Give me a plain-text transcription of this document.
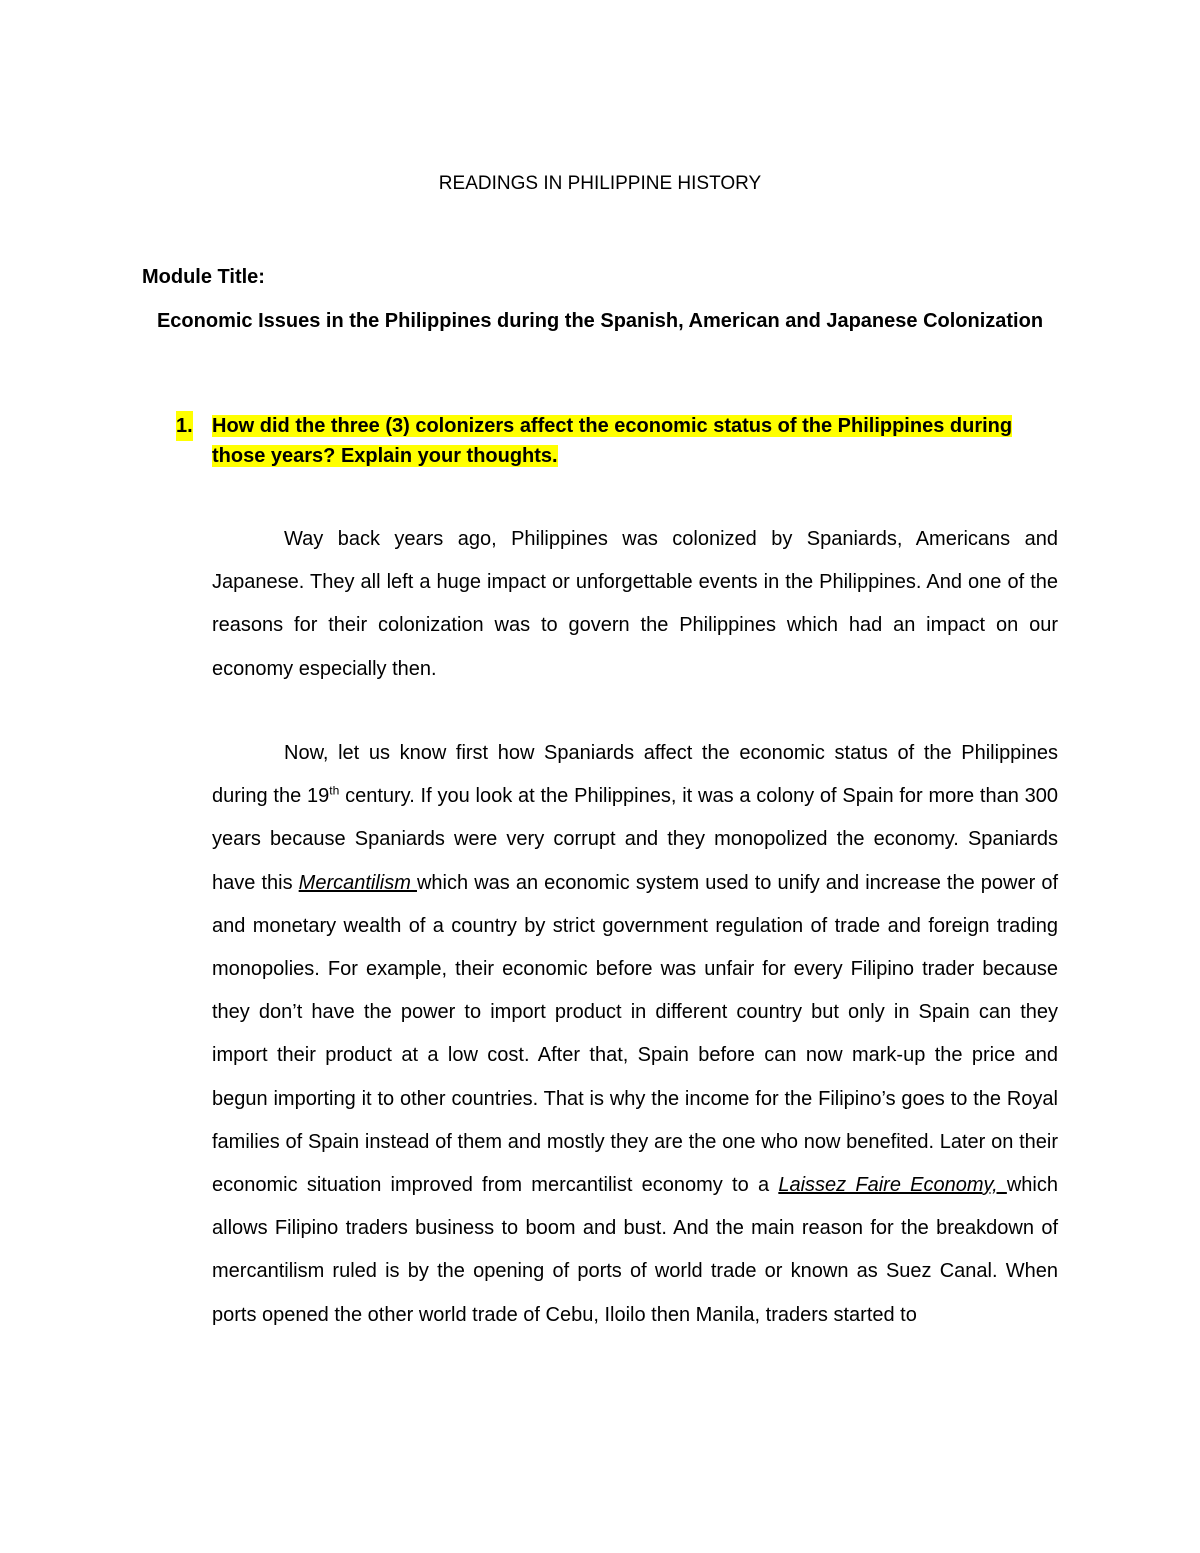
READINGS IN PHILIPPINE HISTORY
Module Title:
Economic Issues in the Philippines during the Spanish, American and Japanese Colonization
1. How did the three (3) colonizers affect the economic status of the Philippines during those years? Explain your thoughts.

Way back years ago, Philippines was colonized by Spaniards, Americans and Japanese. They all left a huge impact or unforgettable events in the Philippines. And one of the reasons for their colonization was to govern the Philippines which had an impact on our economy especially then.

Now, let us know first how Spaniards affect the economic status of the Philippines during the 19th century. If you look at the Philippines, it was a colony of Spain for more than 300 years because Spaniards were very corrupt and they monopolized the economy. Spaniards have this Mercantilism which was an economic system used to unify and increase the power of and monetary wealth of a country by strict government regulation of trade and foreign trading monopolies. For example, their economic before was unfair for every Filipino trader because they don’t have the power to import product in different country but only in Spain can they import their product at a low cost. After that, Spain before can now mark-up the price and begun importing it to other countries. That is why the income for the Filipino’s goes to the Royal families of Spain instead of them and mostly they are the one who now benefited. Later on their economic situation improved from mercantilist economy to a Laissez Faire Economy, which allows Filipino traders business to boom and bust. And the main reason for the breakdown of mercantilism ruled is by the opening of ports of world trade or known as Suez Canal. When ports opened the other world trade of Cebu, Iloilo then Manila, traders started to
